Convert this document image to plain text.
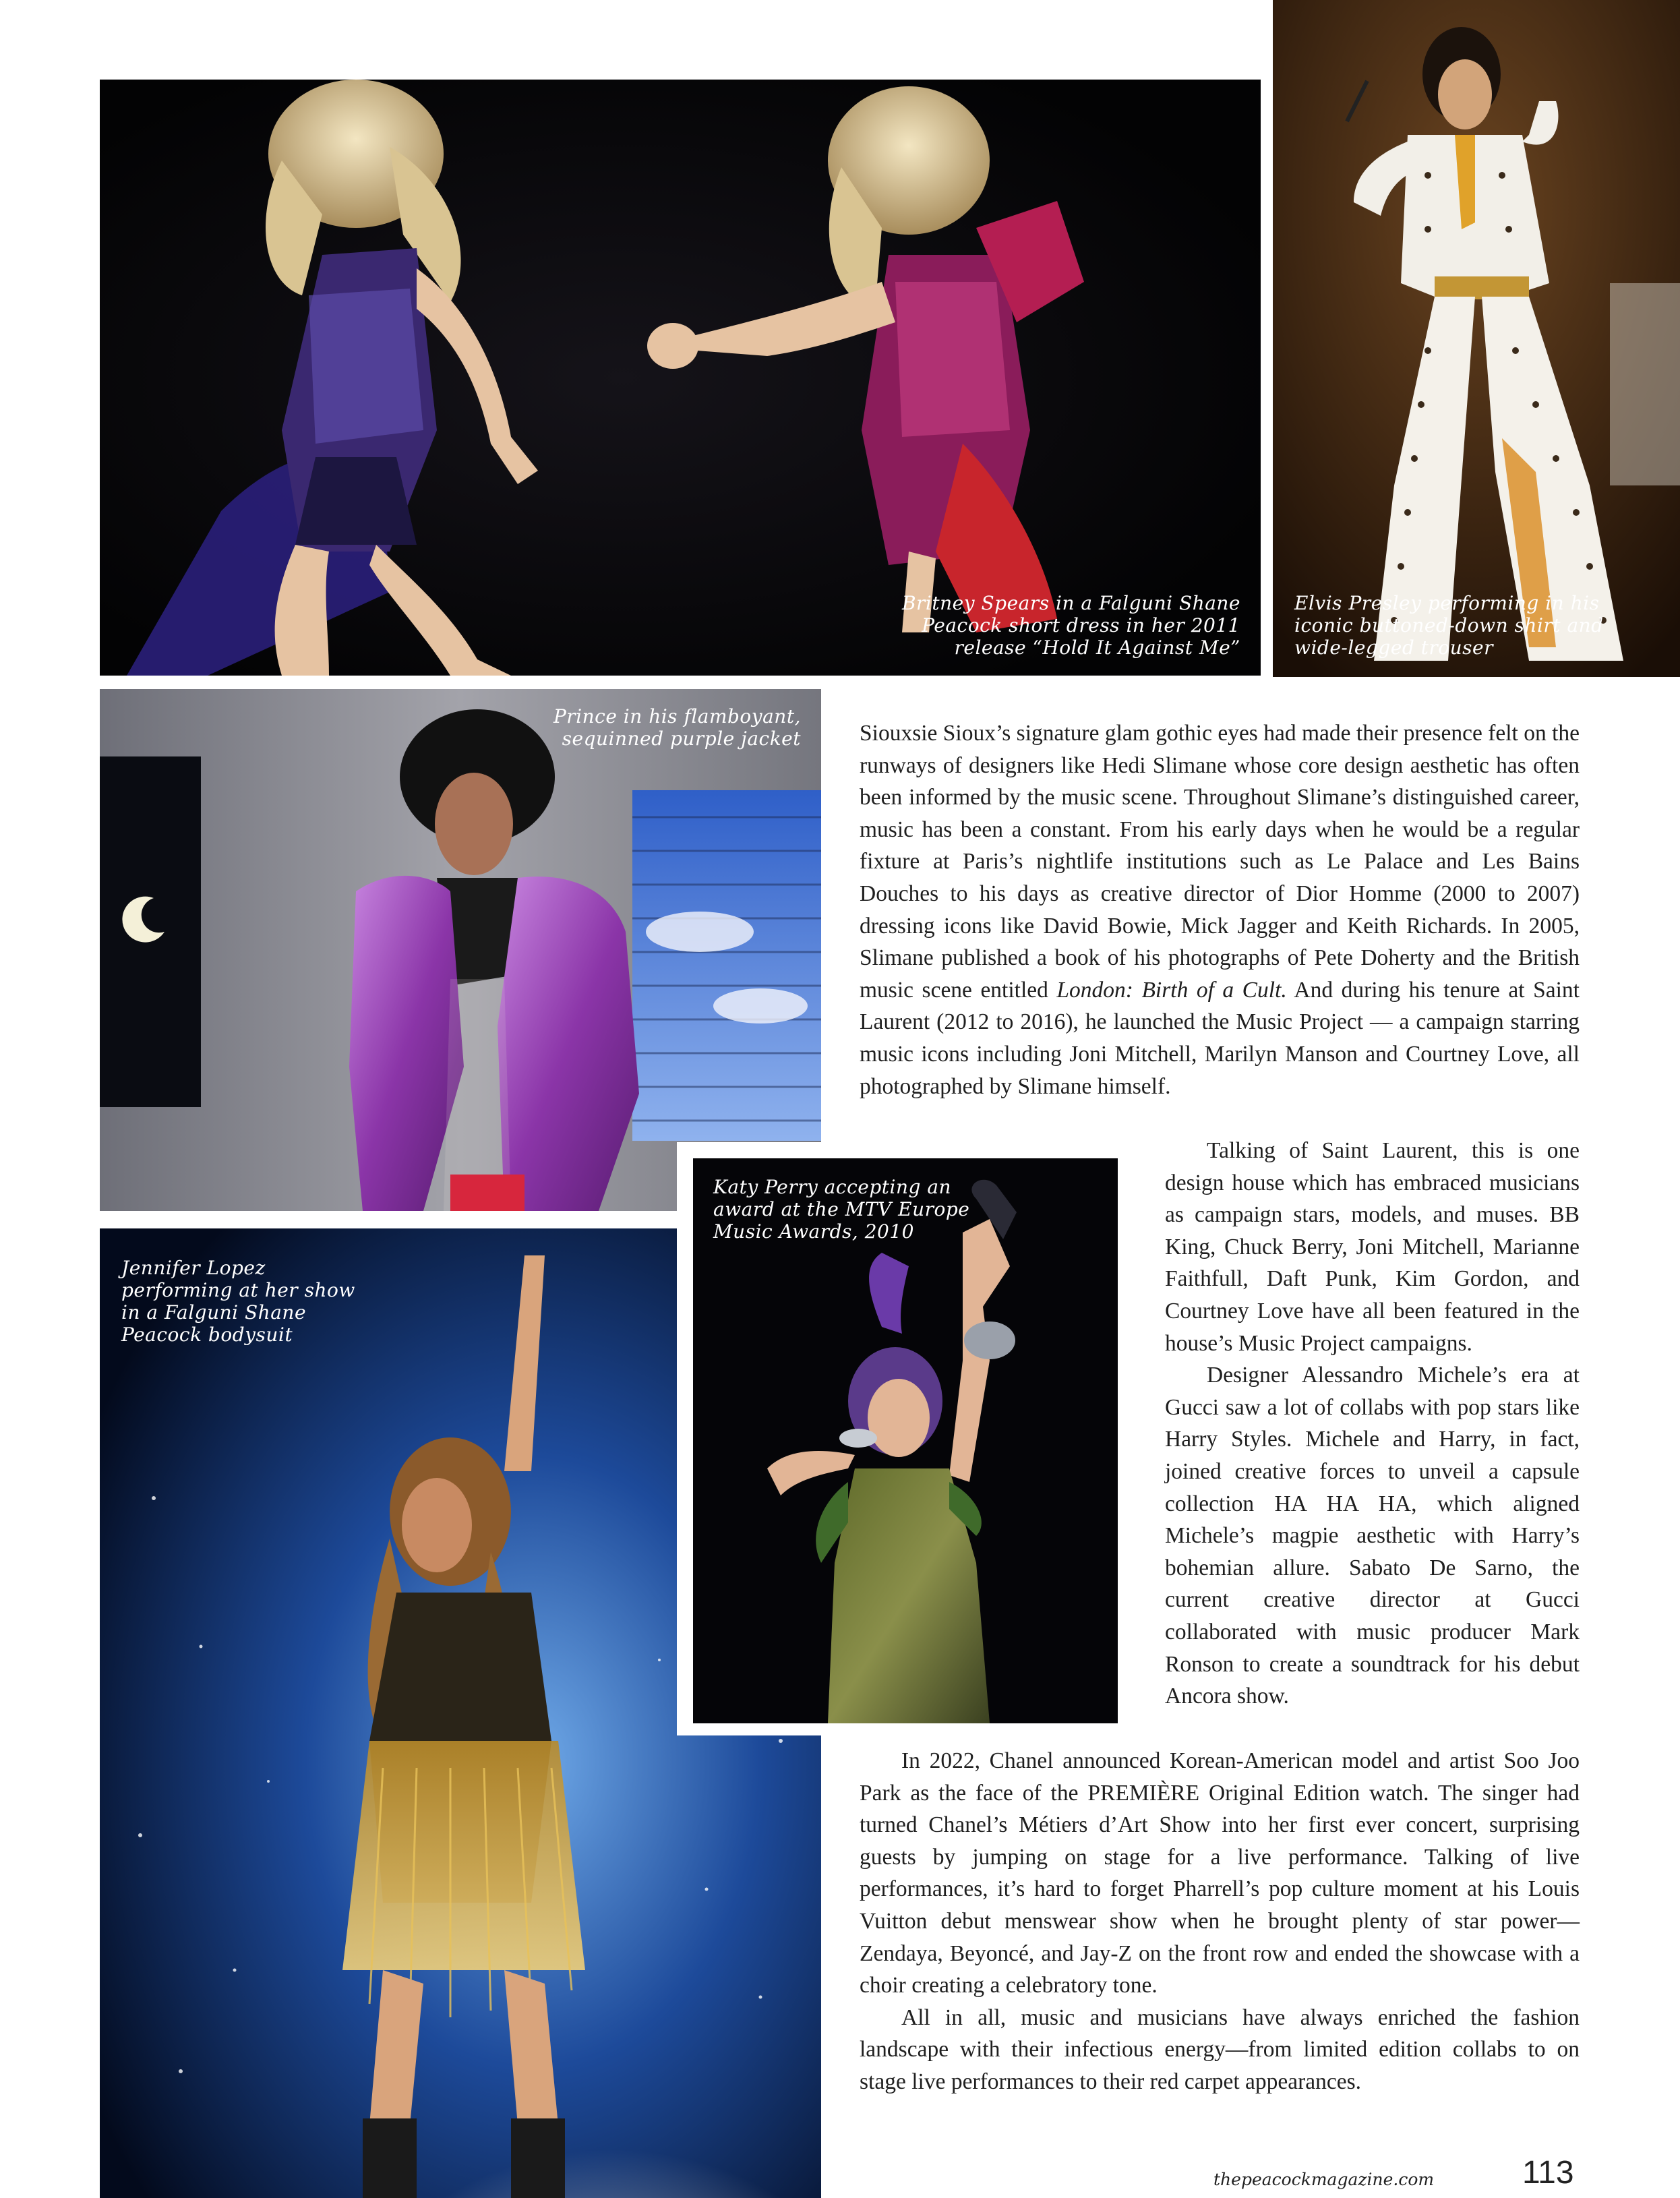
Britney Spears in a Falguni Shane
Peacock short dress in her 2011
release “Hold It Against Me”
Elvis Presley performing in his
iconic buttoned-down shirt and
wide-legged trouser
Prince in his flamboyant,
sequinned purple jacket
Jennifer Lopez
performing at her show
in a Falguni Shane
Peacock bodysuit
Katy Perry accepting an
award at the MTV Europe
Music Awards, 2010

Siouxsie Sioux’s signature glam gothic eyes had made their presence felt on the runways of designers like Hedi Slimane whose core design aesthetic has often been informed by the music scene. Throughout Slimane’s distinguished career, music has been a constant. From his early days when he would be a regular fixture at Paris’s nightlife institutions such as Le Palace and Les Bains Douches to his days as creative director of Dior Homme (2000 to 2007) dressing icons like David Bowie, Mick Jagger and Keith Richards. In 2005, Slimane published a book of his photographs of Pete Doherty and the British music scene entitled London: Birth of a Cult. And during his tenure at Saint Laurent (2012 to 2016), he launched the Music Project — a campaign starring music icons including Joni Mitchell, Marilyn Manson and Courtney Love, all photographed by Slimane himself.

Talking of Saint Laurent, this is one design house which has embraced musicians as campaign stars, models, and muses. BB King, Chuck Berry, Joni Mitchell, Marianne Faithfull, Daft Punk, Kim Gordon, and Courtney Love have all been featured in the house’s Music Project campaigns.

Designer Alessandro Michele’s era at Gucci saw a lot of collabs with pop stars like Harry Styles. Michele and Harry, in fact, joined creative forces to unveil a capsule collection HA HA HA, which aligned Michele’s magpie aesthetic with Harry’s bohemian allure. Sabato De Sarno, the current creative director at Gucci collaborated with music producer Mark Ronson to create a soundtrack for his debut Ancora show.

In 2022, Chanel announced Korean-American model and artist Soo Joo Park as the face of the PREMIÈRE Original Edition watch. The singer had turned Chanel’s Métiers d’Art Show into her first ever concert, surprising guests by jumping on stage for a live performance. Talking of live performances, it’s hard to forget Pharrell’s pop culture moment at his Louis Vuitton debut menswear show when he brought plenty of star power—Zendaya, Beyoncé, and Jay-Z on the front row and ended the showcase with a choir creating a celebratory tone.

All in all, music and musicians have always enriched the fashion landscape with their infectious energy—from limited edition collabs to on stage live performances to their red carpet appearances.

thepeacockmagazine.com	113
